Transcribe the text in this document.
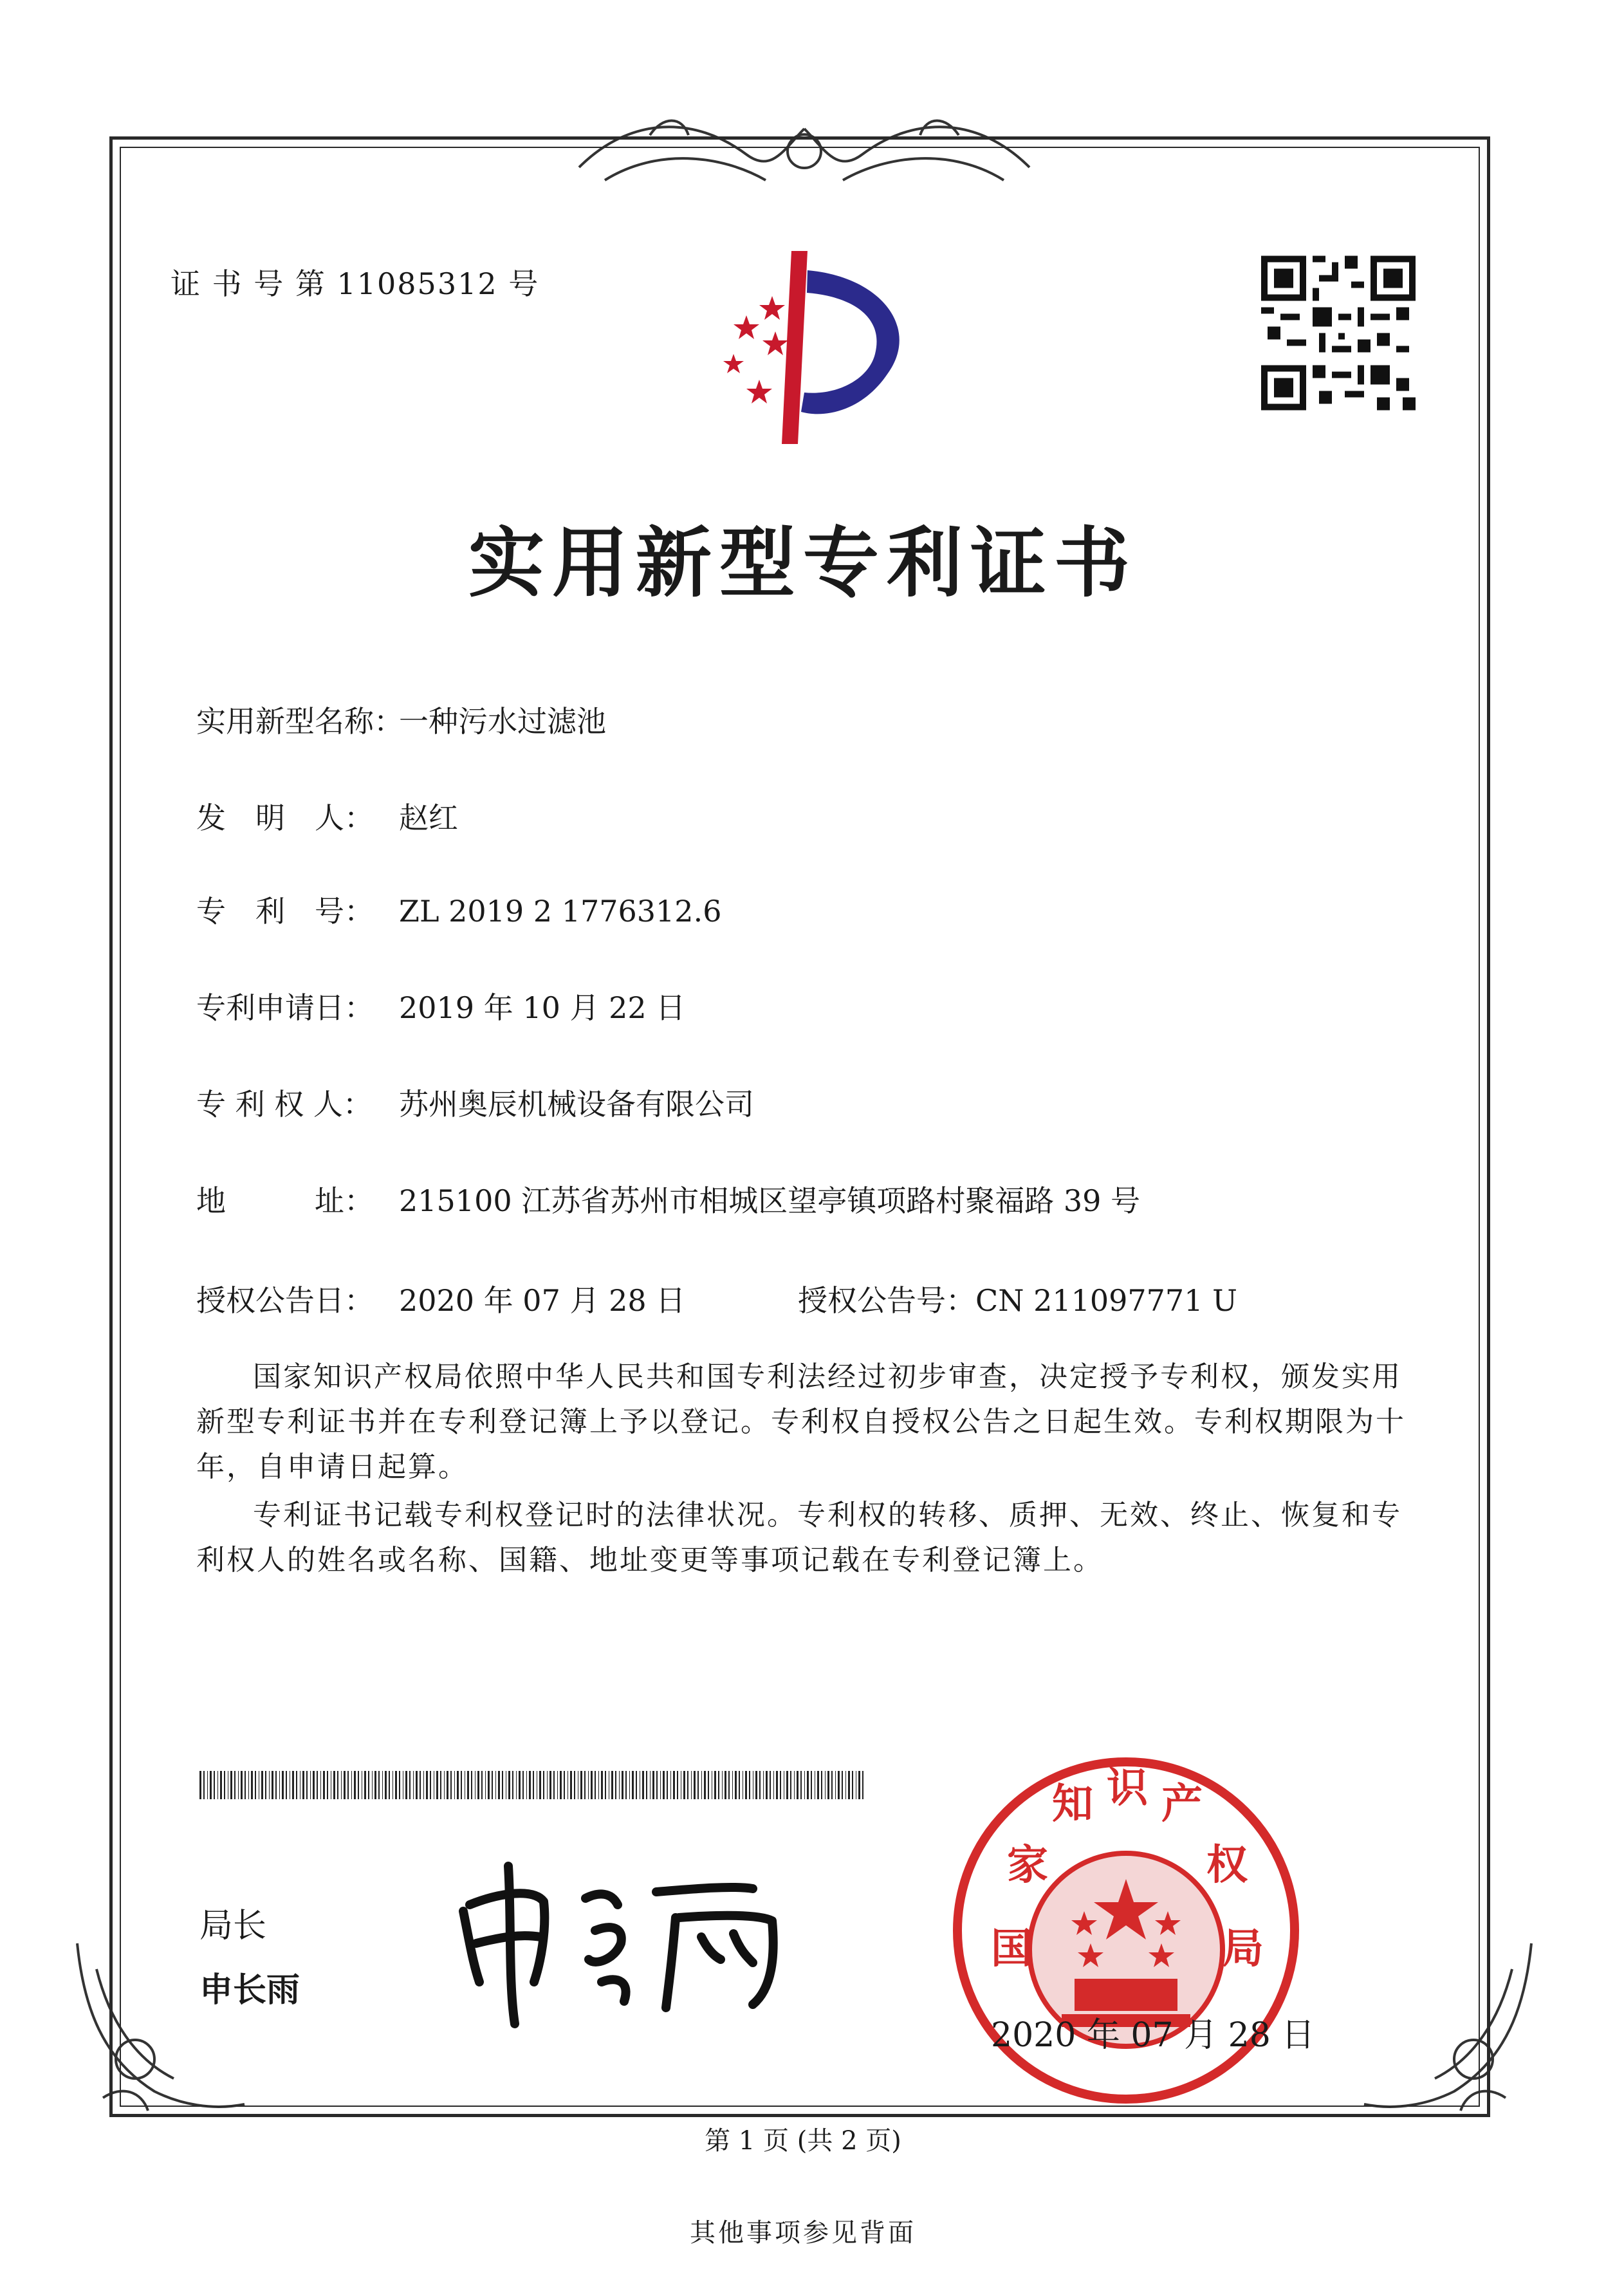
证 书 号 第 11085312 号
实用新型专利证书
实用新型名称：一种污水过滤池
发　明　人： 赵红
专　利　号： ZL 2019 2 1776312.6
专利申请日： 2019 年 10 月 22 日
专 利 权 人： 苏州奥辰机械设备有限公司
地　　　址： 215100 江苏省苏州市相城区望亭镇项路村聚福路 39 号
授权公告日： 2020 年 07 月 28 日	授权公告号：CN 211097771 U
国家知识产权局依照中华人民共和国专利法经过初步审查，决定授予专利权，颁发实用新型专利证书并在专利登记簿上予以登记。专利权自授权公告之日起生效。专利权期限为十年，自申请日起算。
专利证书记载专利权登记时的法律状况。专利权的转移、质押、无效、终止、恢复和专利权人的姓名或名称、国籍、地址变更等事项记载在专利登记簿上。
局长
申长雨
国
家
知 识 产
权
局
2020 年 07 月 28 日
第 1 页 (共 2 页)
其他事项参见背面
